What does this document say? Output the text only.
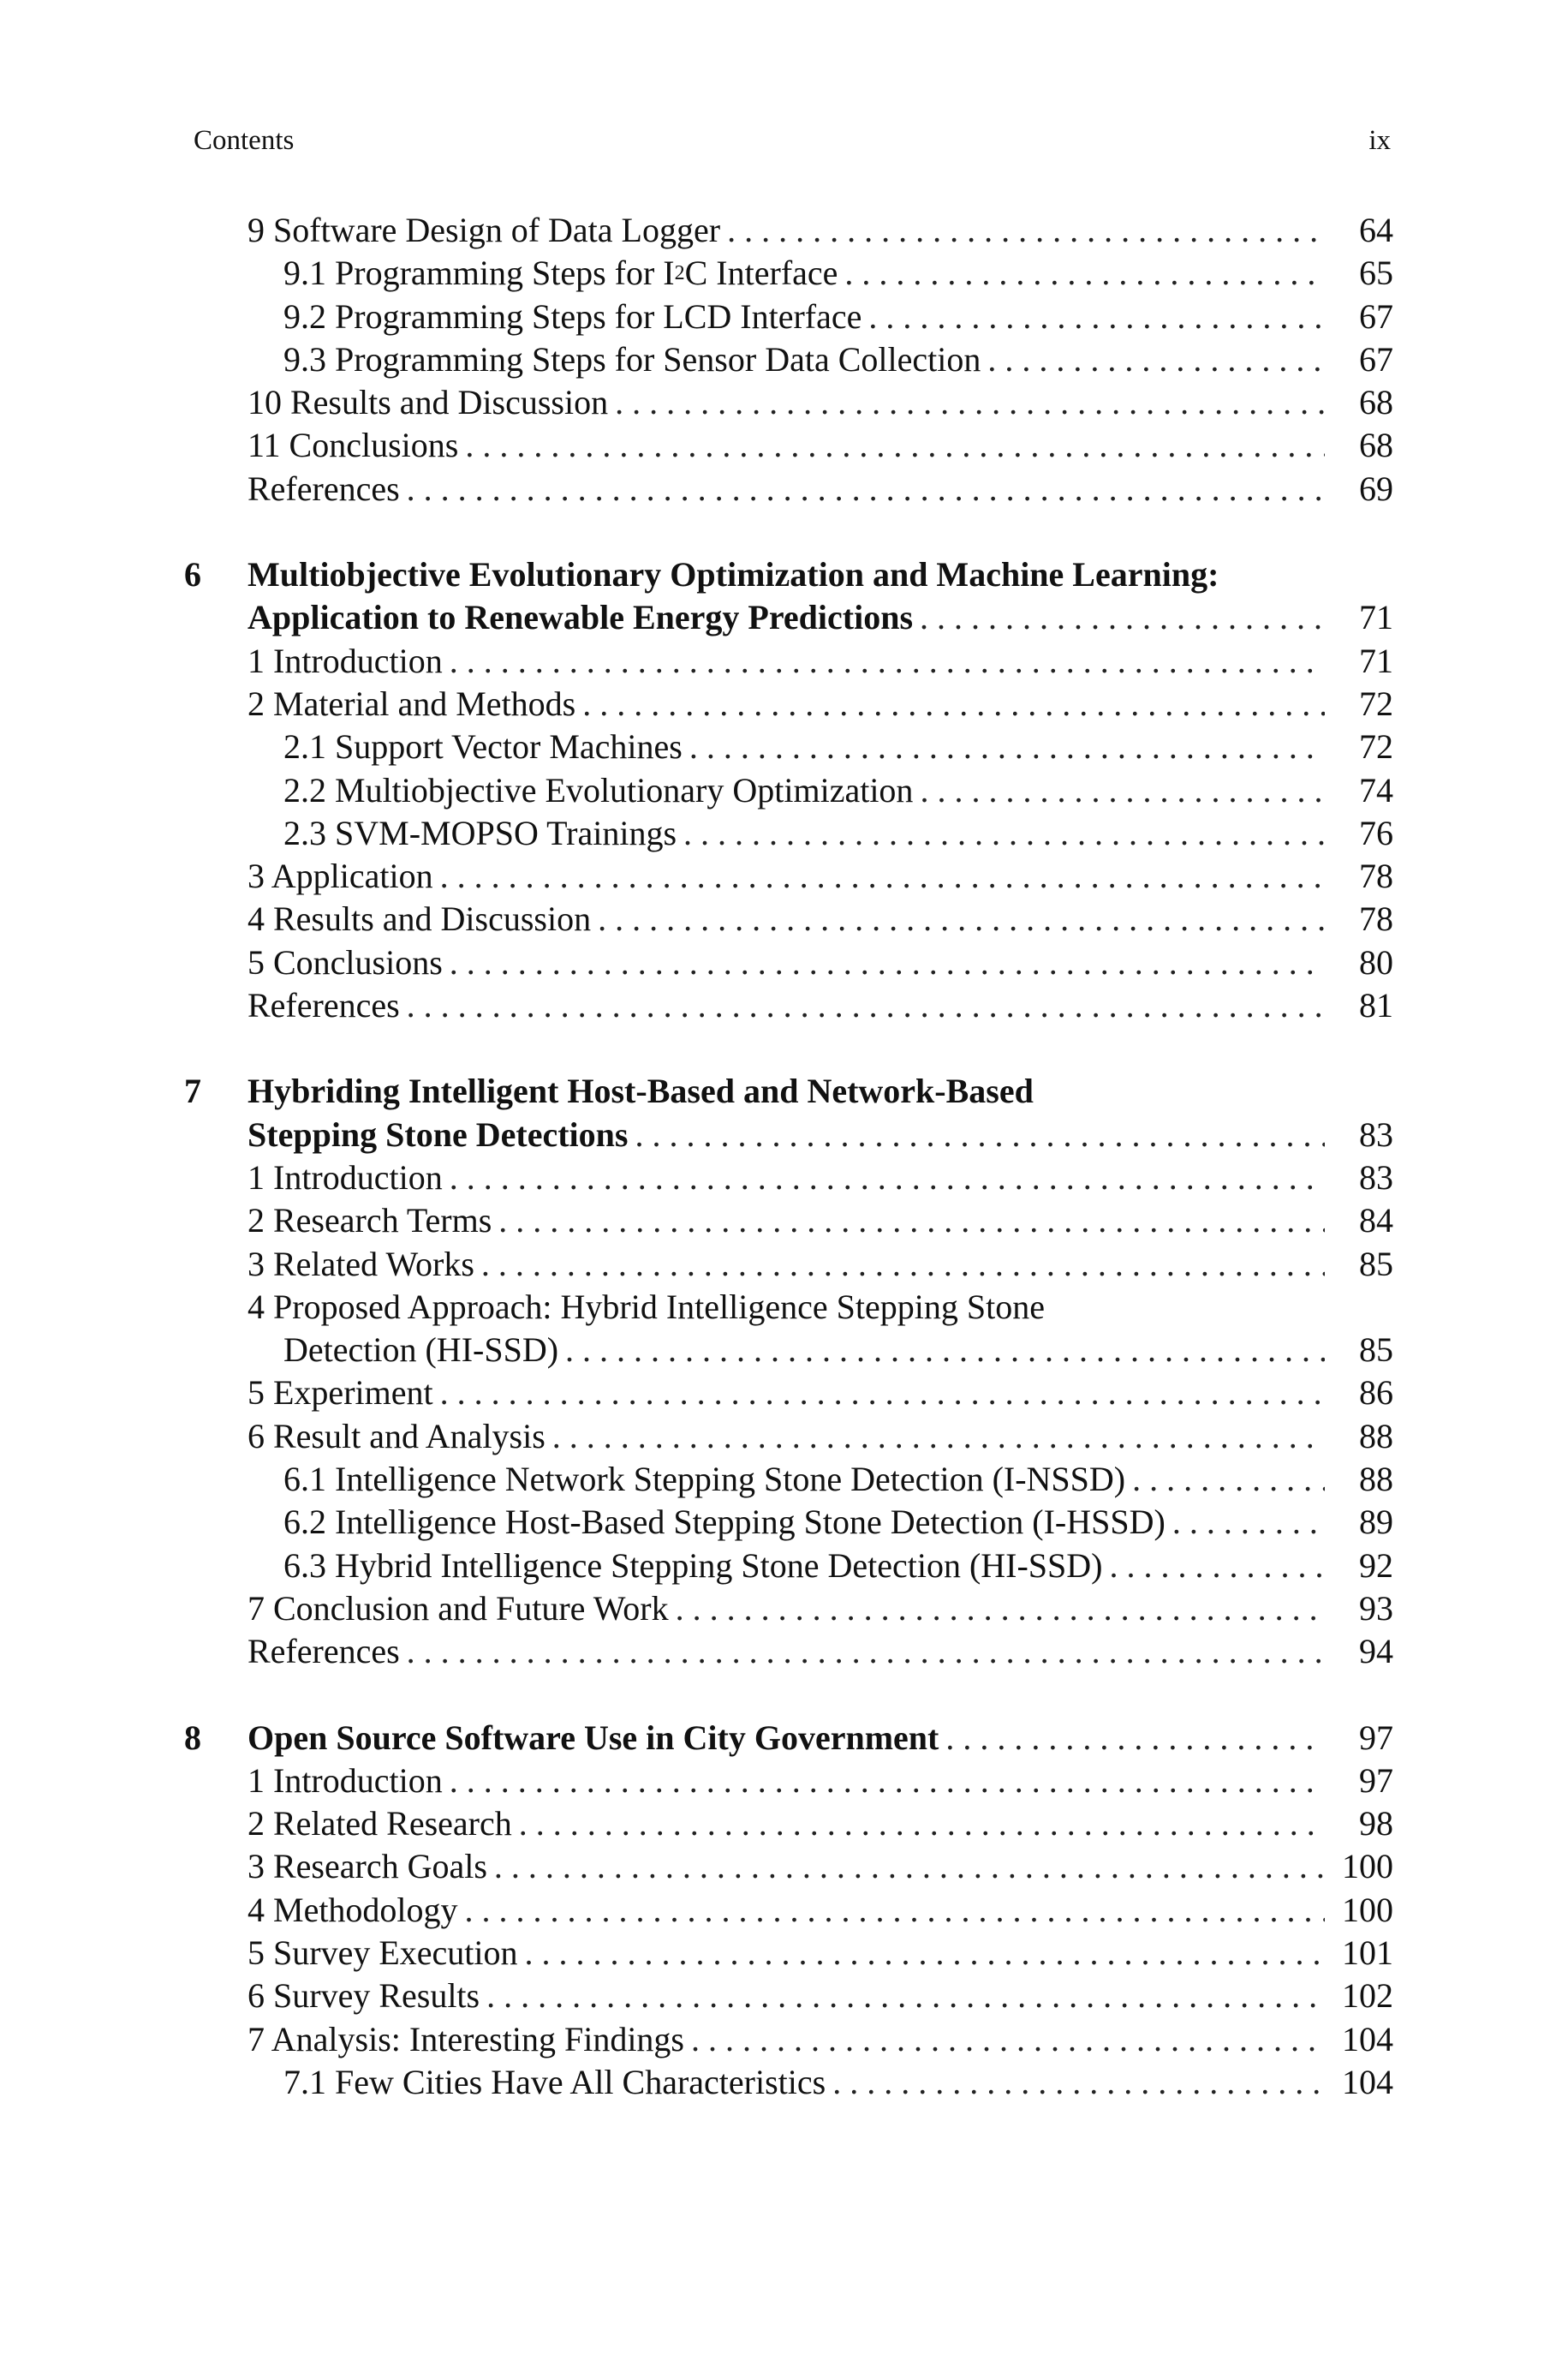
Contents	ix
9 Software Design of Data Logger . . .	64
9.1 Programming Steps for $I^2C$ Interface . . .	65
9.2 Programming Steps for LCD Interface . . .	67
9.3 Programming Steps for Sensor Data Collection . . .	67
10 Results and Discussion . . .	68
11 Conclusions . . .	68
References . . .	69
6	Multiobjective Evolutionary Optimization and Machine Learning:
Application to Renewable Energy Predictions . . .	71
1 Introduction . . .	71
2 Material and Methods . . .	72
2.1 Support Vector Machines . . .	72
2.2 Multiobjective Evolutionary Optimization . . .	74
2.3 SVM-MOPSO Trainings . . .	76
3 Application . . .	78
4 Results and Discussion . . .	78
5 Conclusions . . .	80
References . . .	81
7	Hybriding Intelligent Host-Based and Network-Based
Stepping Stone Detections . . .	83
1 Introduction . . .	83
2 Research Terms . . .	84
3 Related Works . . .	85
4 Proposed Approach: Hybrid Intelligence Stepping Stone
Detection (HI-SSD) . . .	85
5 Experiment . . .	86
6 Result and Analysis . . .	88
6.1 Intelligence Network Stepping Stone Detection (I-NSSD) . . .	88
6.2 Intelligence Host-Based Stepping Stone Detection (I-HSSD) . . .	89
6.3 Hybrid Intelligence Stepping Stone Detection (HI-SSD) . . .	92
7 Conclusion and Future Work . . .	93
References . . .	94
8	Open Source Software Use in City Government . . .	97
1 Introduction . . .	97
2 Related Research . . .	98
3 Research Goals . . .	100
4 Methodology . . .	100
5 Survey Execution . . .	101
6 Survey Results . . .	102
7 Analysis: Interesting Findings . . .	104
7.1 Few Cities Have All Characteristics . . .	104
